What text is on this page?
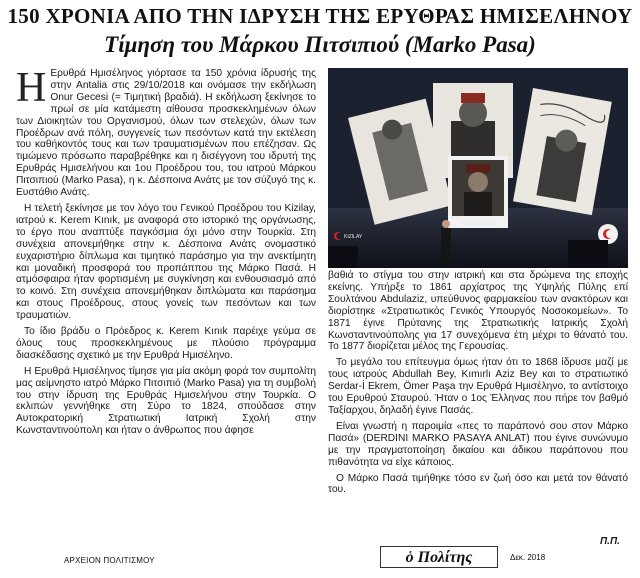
150 ΧΡΟΝΙΑ ΑΠΟ ΤΗΝ ΙΔΡΥΣΗ ΤΗΣ ΕΡΥΘΡΑΣ ΗΜΙΣΕΛΗΝΟΥ
Τίμηση του Μάρκου Πιτσιπιού (Marko Pasa)

Η Ερυθρά Ημισέληνος γιόρτασε τα 150 χρόνια ίδρυσής της στην Antalia στις 29/10/2018 και ονόμασε την εκδήλωση Onur Gecesi (= Τιμητική βραδιά). Η εκδήλωση ξεκίνησε το πρωί σε μία κατάμεστη αίθουσα προσκεκλημένων όλων των Διοικητών του Οργανισμού, όλων των στελεχών, όλων των Προέδρων ανά πόλη, συγγενείς των πεσόντων κατά την εκτέλεση του καθήκοντός τους και των τραυματισμένων που επέζησαν. Ως τιμώμενο πρόσωπο παραβρέθηκε και η δισέγγονη του ιδρυτή της Ερυθράς Ημισελήνου και 1ου Προέδρου του, του ιατρού Μάρκου Πιτσιπιού (Marko Pasa), η κ. Δέσποινα Ανάτς με τον σύζυγό της κ. Ευστάθιο Ανάτς.

Η τελετή ξεκίνησε με τον λόγο του Γενικού Προέδρου του Kizilay, ιατρού κ. Kerem Kınık, με αναφορά στο ιστορικό της οργάνωσης, το έργο που αναπτύξε παγκόσμια όχι μόνο στην Τουρκία. Στη συνέχεια απονεμήθηκε στην κ. Δέσποινα Ανάτς ονομαστικό ευχαριστήριο δίπλωμα και τιμητικό παράσημο για την ανεκτίμητη και μοναδική προσφορά του προπάππου της Μάρκο Πασά. Η ατμόσφαιρα ήταν φορτισμένη με συγκίνηση και ενθουσιασμό από το κοινό. Στη συνέχεια απονεμήθηκαν διπλώματα και παράσημα και στους Προέδρους, στους γονείς των πεσόντων και των τραυματιών.

Το ίδιο βράδυ ο Πρόεδρος κ. Kerem Kınık παρέιχε γεύμα σε όλους τους προσκεκλημένους με πλούσιο πρόγραμμα διασκέδασης σχετικό με την Ερυθρά Ημισέληνο.

Η Ερυθρά Ημισέληνος τίμησε για μία ακόμη φορά τον συμπολίτη μας αείμνηστο ιατρό Μάρκο Πιτσιπιό (Marko Pasa) για τη συμβολή του στην ίδρυση της Ερυθράς Ημισελήνου στην Τουρκία. Ο εκλιπών γεννήθηκε στη Σύρο το 1824, σπούδασε στην Αυτοκρατορική Στρατιωτική Ιατρική Σχολή στην Κωνσταντινούπολη και ήταν ο άνθρωπος που άφησε

Kurucularımız
KIZILAY

βαθιά το στίγμα του στην ιατρική και στα δρώμενα της εποχής εκείνης. Υπήρξε το 1861 αρχίατρος της Υψηλής Πύλης επί Σουλτάνου Abdulaziz, υπεύθυνος φαρμακείου των ανακτόρων και διορίστηκε «Στρατιωτικός Γενικός Υπουργός Νοσοκομείων». Το 1871 έγινε Πρύτανης της Στρατιωτικής Ιατρικής Σχολή Κωνσταντινούπολης για 17 συνεχόμενα έτη μέχρι το θάνατό του. Το 1877 διορίζεται μέλος της Γερουσίας.

Το μεγάλο του επίτευγμα όμως ήταν ότι το 1868 ίδρυσε μαζί με τους ιατρούς Abdullah Bey, Kımırlı Aziz Bey και το στρατιωτικό Serdar-İ Ekrem, Ömer Paşa την Ερυθρά Ημισέληνο, το αντίστοιχο του Ερυθρού Σταυρού. Ήταν ο 1ος Έλληνας που πήρε τον βαθμό Ταξίαρχου, δηλαδή έγινε Πασάς.

Είναι γνωστή η παροιμία «πες το παράπονό σου στον Μάρκο Πασά» (DERDINI MARKO PASAYA ANLAT) που έγινε συνώνυμο με την πραγματοποίηση δικαίου και άδικου παράπονου που πιθανότητα να είχε κάποιος.

Ο Μάρκο Πασά τιμήθηκε τόσο εν ζωή όσο και μετά τον θάνατό του.

Π.Π.
ΑΡΧΕΙΟΝ ΠΟΛΙΤΙΣΜΟΥ	ὁ Πολίτης	Δεκ. 2018
